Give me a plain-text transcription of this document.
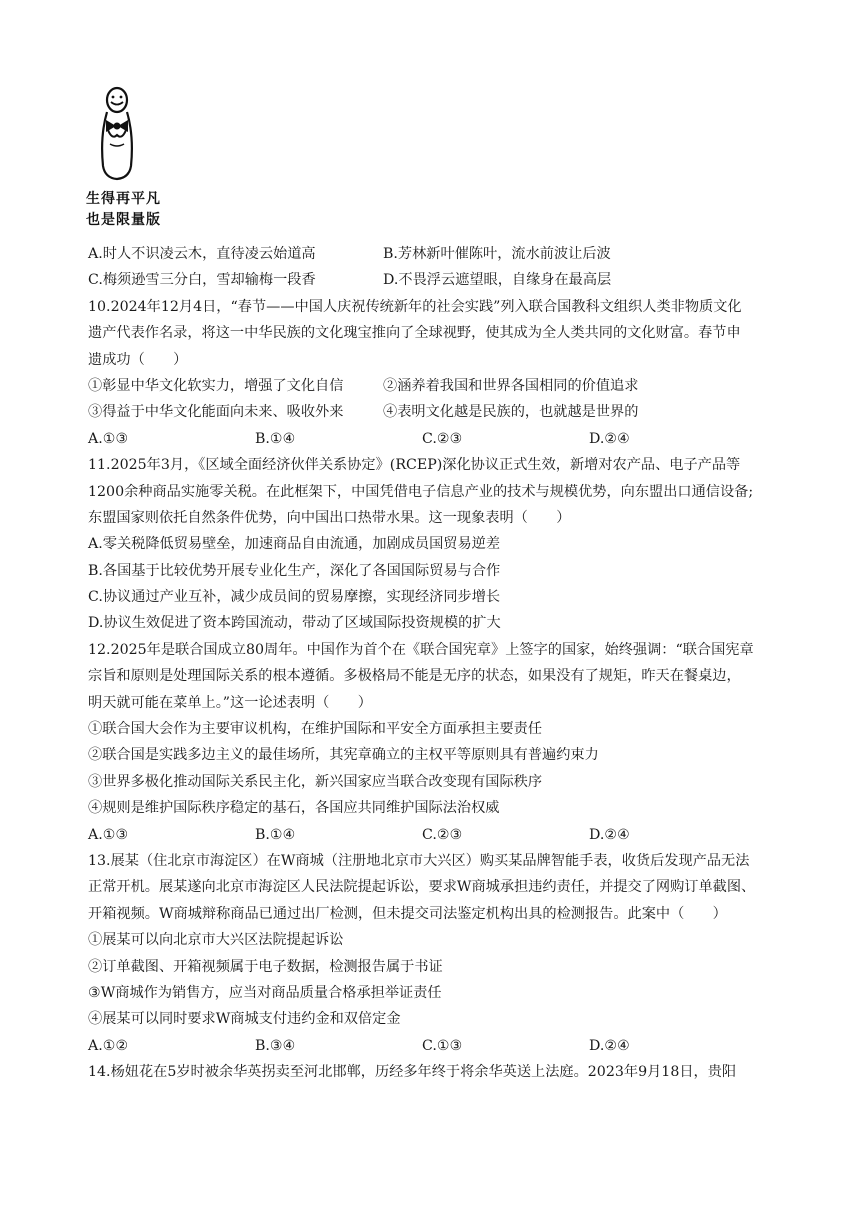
生得再平凡
也是限量版
A.时人不识凌云木，直待凌云始道高	B.芳林新叶催陈叶，流水前波让后波
C.梅须逊雪三分白，雪却输梅一段香	D.不畏浮云遮望眼，自缘身在最高层
10.2024年12月4日，“春节——中国人庆祝传统新年的社会实践”列入联合国教科文组织人类非物质文化
遗产代表作名录，将这一中华民族的文化瑰宝推向了全球视野，使其成为全人类共同的文化财富。春节申
遗成功（　　）
①彰显中华文化软实力，增强了文化自信	②涵养着我国和世界各国相同的价值追求
③得益于中华文化能面向未来、吸收外来	④表明文化越是民族的，也就越是世界的
A.①③	B.①④	C.②③	D.②④
11.2025年3月，《区域全面经济伙伴关系协定》(RCEP)深化协议正式生效，新增对农产品、电子产品等
1200余种商品实施零关税。在此框架下，中国凭借电子信息产业的技术与规模优势，向东盟出口通信设备;
东盟国家则依托自然条件优势，向中国出口热带水果。这一现象表明（　　）
A.零关税降低贸易壁垒，加速商品自由流通，加剧成员国贸易逆差
B.各国基于比较优势开展专业化生产，深化了各国国际贸易与合作
C.协议通过产业互补，减少成员间的贸易摩擦，实现经济同步增长
D.协议生效促进了资本跨国流动，带动了区域国际投资规模的扩大
12.2025年是联合国成立80周年。中国作为首个在《联合国宪章》上签字的国家，始终强调：“联合国宪章
宗旨和原则是处理国际关系的根本遵循。多极格局不能是无序的状态，如果没有了规矩，昨天在餐桌边，
明天就可能在菜单上。”这一论述表明（　　）
①联合国大会作为主要审议机构，在维护国际和平安全方面承担主要责任
②联合国是实践多边主义的最佳场所，其宪章确立的主权平等原则具有普遍约束力
③世界多极化推动国际关系民主化，新兴国家应当联合改变现有国际秩序
④规则是维护国际秩序稳定的基石，各国应共同维护国际法治权威
A.①③	B.①④	C.②③	D.②④
13.展某（住北京市海淀区）在W商城（注册地北京市大兴区）购买某品牌智能手表，收货后发现产品无法
正常开机。展某遂向北京市海淀区人民法院提起诉讼，要求W商城承担违约责任，并提交了网购订单截图、
开箱视频。W商城辩称商品已通过出厂检测，但未提交司法鉴定机构出具的检测报告。此案中（　　）
①展某可以向北京市大兴区法院提起诉讼
②订单截图、开箱视频属于电子数据，检测报告属于书证
③W商城作为销售方，应当对商品质量合格承担举证责任
④展某可以同时要求W商城支付违约金和双倍定金
A.①②	B.③④	C.①③	D.②④
14.杨妞花在5岁时被余华英拐卖至河北邯郸，历经多年终于将余华英送上法庭。2023年9月18日，贵阳
